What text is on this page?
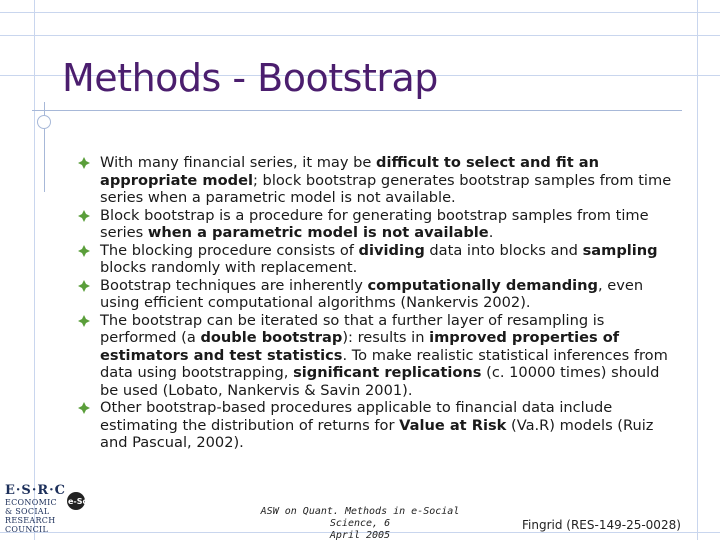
Methods - Bootstrap
With many financial series, it may be difficult to select and fit an appropriate model; block bootstrap generates bootstrap samples from time series when a parametric model is not available.
Block bootstrap is a procedure for generating bootstrap samples from time series when a parametric model is not available.
The blocking procedure consists of dividing data into blocks and sampling blocks randomly with replacement.
Bootstrap techniques are inherently computationally demanding, even using efficient computational algorithms (Nankervis 2002).
The bootstrap can be iterated so that a further layer of resampling is performed (a double bootstrap): results in improved properties of estimators and test statistics. To make realistic statistical inferences from data using bootstrapping, significant replications (c. 10000 times) should be used (Lobato, Nankervis & Savin 2001).
Other bootstrap-based procedures applicable to financial data include estimating the distribution of returns for Value at Risk (Va.R) models (Ruiz and Pascual, 2002).
E·S·R·C
ECONOMIC
& SOCIAL
RESEARCH
COUNCIL
e-Science
ASW on Quant. Methods in e-Social Science, 6
April 2005
Fingrid (RES-149-25-0028)
